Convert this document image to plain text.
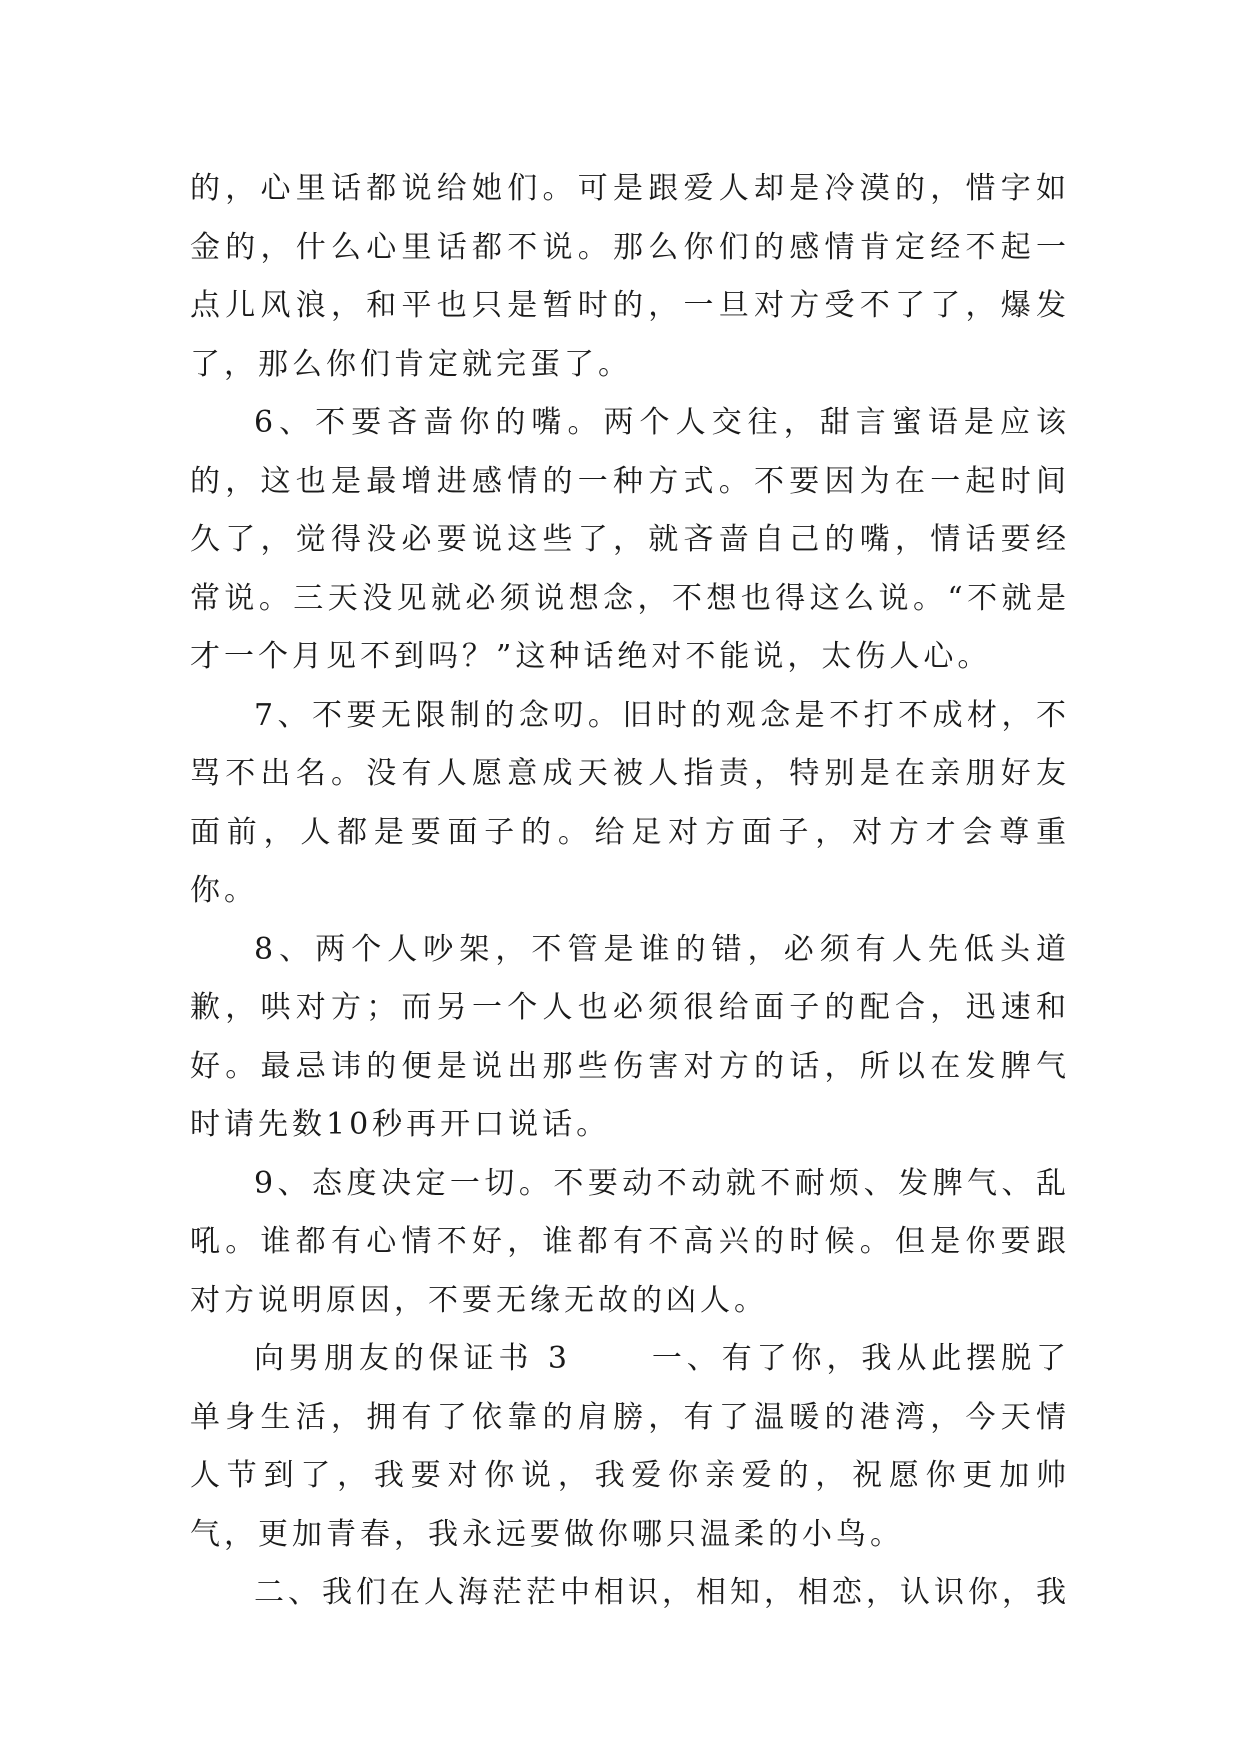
的，心里话都说给她们。可是跟爱人却是冷漠的，惜字如金的，什么心里话都不说。那么你们的感情肯定经不起一点儿风浪，和平也只是暂时的，一旦对方受不了了，爆发了，那么你们肯定就完蛋了。

6、不要吝啬你的嘴。两个人交往，甜言蜜语是应该的，这也是最增进感情的一种方式。不要因为在一起时间久了，觉得没必要说这些了，就吝啬自己的嘴，情话要经常说。三天没见就必须说想念，不想也得这么说。“不就是才一个月见不到吗？”这种话绝对不能说，太伤人心。

7、不要无限制的念叨。旧时的观念是不打不成材，不骂不出名。没有人愿意成天被人指责，特别是在亲朋好友面前，人都是要面子的。给足对方面子，对方才会尊重你。

8、两个人吵架，不管是谁的错，必须有人先低头道歉，哄对方；而另一个人也必须很给面子的配合，迅速和好。最忌讳的便是说出那些伤害对方的话，所以在发脾气时请先数10秒再开口说话。

9、态度决定一切。不要动不动就不耐烦、发脾气、乱吼。谁都有心情不好，谁都有不高兴的时候。但是你要跟对方说明原因，不要无缘无故的凶人。

向男朋友的保证书 3	一、有了你，我从此摆脱了单身生活，拥有了依靠的肩膀，有了温暖的港湾，今天情人节到了，我要对你说，我爱你亲爱的，祝愿你更加帅气，更加青春，我永远要做你哪只温柔的小鸟。

二、我们在人海茫茫中相识，相知，相恋，认识你，我
